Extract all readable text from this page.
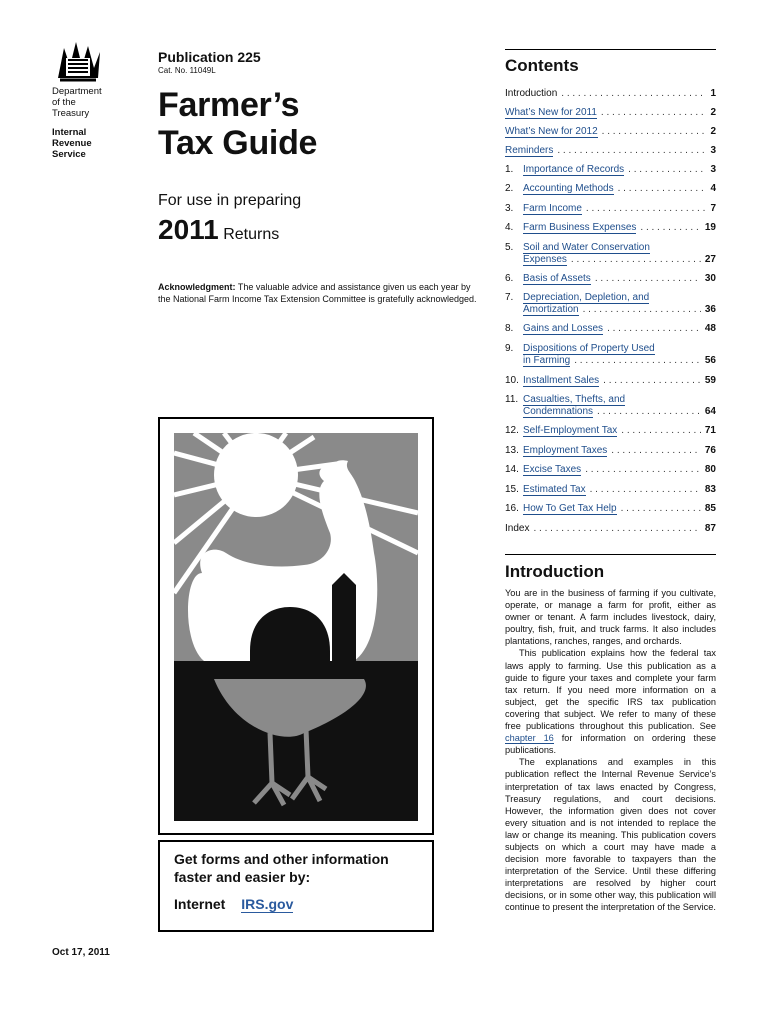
Department
of the
Treasury
Internal
Revenue
Service
Publication 225
Cat. No. 11049L
Farmer’s
Tax Guide
For use in preparing
2011 Returns
Acknowledgment: The valuable advice and assistance given us each year by the National Farm Income Tax Extension Committee is gratefully acknowledged.
Get forms and other information
faster and easier by:
Internet IRS.gov
Oct 17, 2011
Contents
Introduction . . .	1
What’s New for 2011 . . .	2
What’s New for 2012 . . .	2
Reminders . . .	3
1. Importance of Records . . .	3
2. Accounting Methods . . .	4
3. Farm Income . . .	7
4. Farm Business Expenses . . .	19
5. Soil and Water Conservation
Expenses . . .	27
6. Basis of Assets . . .	30
7. Depreciation, Depletion, and
Amortization . . .	36
8. Gains and Losses . . .	48
9. Dispositions of Property Used
in Farming . . .	56
10. Installment Sales . . .	59
11. Casualties, Thefts, and
Condemnations . . .	64
12. Self-Employment Tax . . .	71
13. Employment Taxes . . .	76
14. Excise Taxes . . .	80
15. Estimated Tax . . .	83
16. How To Get Tax Help . . .	85
Index . . .	87
Introduction

You are in the business of farming if you cultivate, operate, or manage a farm for profit, either as owner or tenant. A farm includes livestock, dairy, poultry, fish, fruit, and truck farms. It also includes plantations, ranches, ranges, and orchards.

This publication explains how the federal tax laws apply to farming. Use this publication as a guide to figure your taxes and complete your farm tax return. If you need more information on a subject, get the specific IRS tax publication covering that subject. We refer to many of these free publications throughout this publication. See chapter 16 for information on ordering these publications.

The explanations and examples in this publication reflect the Internal Revenue Service’s interpretation of tax laws enacted by Congress, Treasury regulations, and court decisions. However, the information given does not cover every situation and is not intended to replace the law or change its meaning. This publication covers subjects on which a court may have made a decision more favorable to taxpayers than the interpretation of the Service. Until these differing interpretations are resolved by higher court decisions, or in some other way, this publication will continue to present the interpretation of the Service.
